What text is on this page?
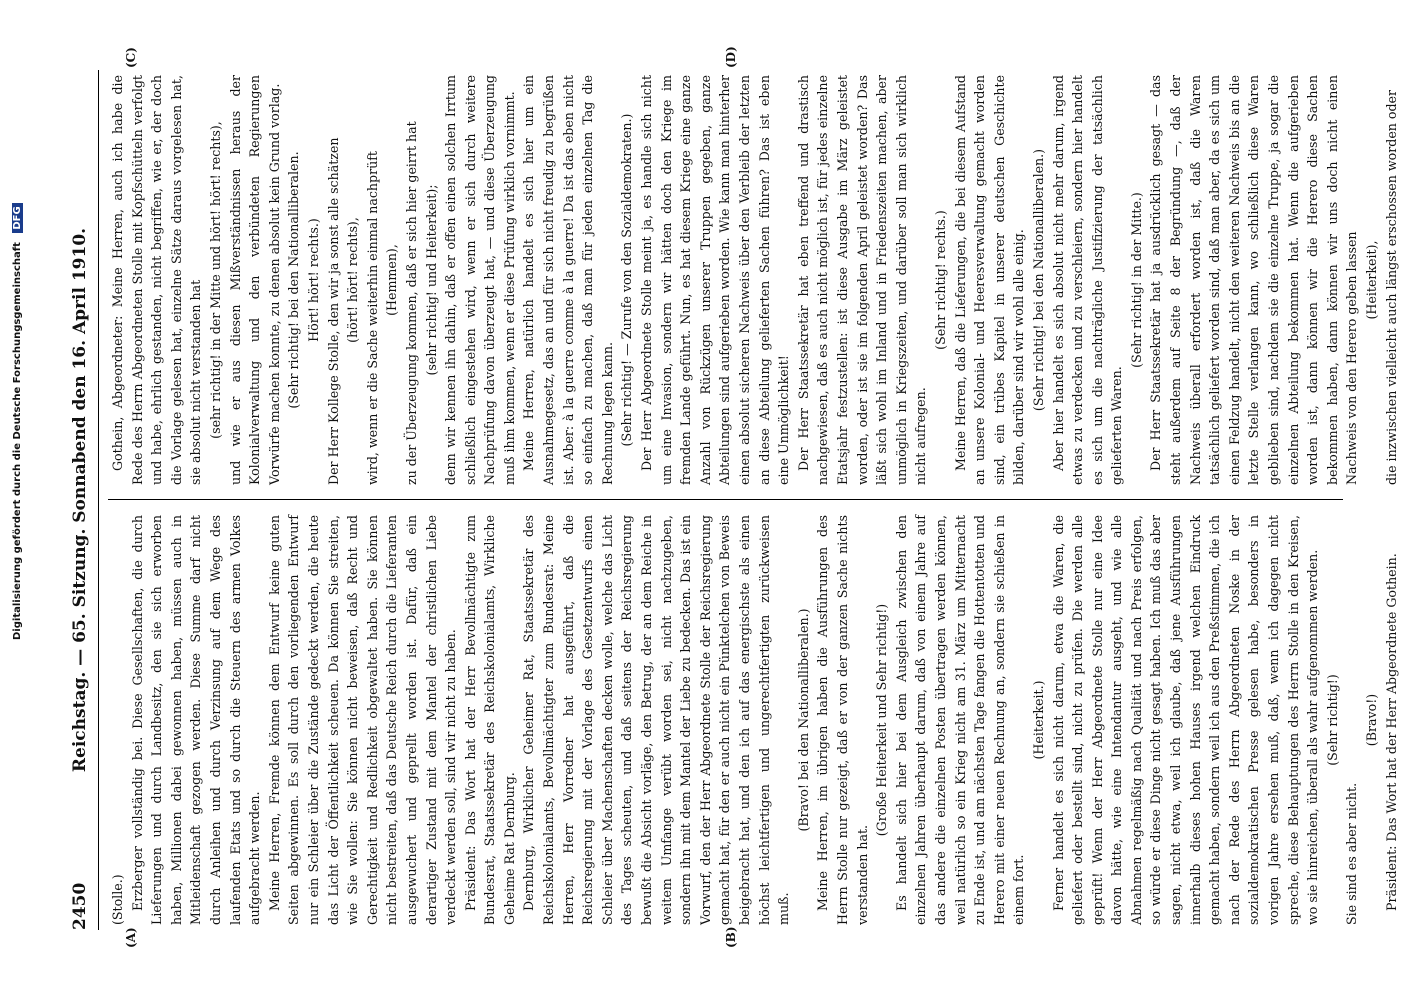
2450
Reichstag. — 65. Sitzung. Sonnabend den 16. April 1910.
(A)
(C)
(B)
(D)

(Stolle.) Erzberger vollständig bei. Diese Gesellschaften, die durch Lieferungen und durch Landbesitz, den sie sich erworben haben, Millionen dabei gewonnen haben, müssen auch in Mitleidenschaft gezogen werden. Diese Summe darf nicht durch Anleihen und durch Verzinsung auf dem Wege des laufenden Etats und so durch die Steuern des armen Volkes aufgebracht werden. Meine Herren, Fremde können dem Entwurf keine guten Seiten abgewinnen. Es soll durch den vorliegenden Entwurf nur ein Schleier über die Zustände gedeckt werden, die heute das Licht der Öffentlichkeit scheuen. Da können Sie streiten, wie Sie wollen: Sie können nicht beweisen, daß Recht und Gerechtigkeit und Redlichkeit obgewaltet haben. Sie können nicht bestreiten, daß das Deutsche Reich durch die Lieferanten ausgewuchert und geprellt worden ist. Dafür, daß ein derartiger Zustand mit dem Mantel der christlichen Liebe verdeckt werden soll, sind wir nicht zu haben. Präsident: Das Wort hat der Herr Bevollmächtigte zum Bundesrat, Staatssekretär des Reichskolonialamts, Wirkliche Geheime Rat Dernburg. Dernburg, Wirklicher Geheimer Rat, Staatssekretär des Reichskolonialamts, Bevollmächtigter zum Bundesrat: Meine Herren, Herr Vorredner hat ausgeführt, daß die Reichsregierung mit der Vorlage des Gesetzentwurfs einen Schleier über Machenschaften decken wolle, welche das Licht des Tages scheuten, und daß seitens der Reichsregierung bewußt die Absicht vorläge, den Betrug, der an dem Reiche in weitem Umfange verübt worden sei, nicht nachzugeben, sondern ihn mit dem Mantel der Liebe zu bedecken. Das ist ein Vorwurf, den der Herr Abgeordnete Stolle der Reichsregierung gemacht hat, für den er auch nicht ein Pünktelchen von Beweis beigebracht hat, und den ich auf das energischste als einen höchst leichtfertigen und ungerechtfertigten zurückweisen muß.

(Bravo! bei den Nationalliberalen.) Meine Herren, im übrigen haben die Ausführungen des Herrn Stolle nur gezeigt, daß er von der ganzen Sache nichts verstanden hat.

(Große Heiterkeit und Sehr richtig!) Es handelt sich hier bei dem Ausgleich zwischen den einzelnen Jahren überhaupt darum, daß von einem Jahre auf das andere die einzelnen Posten übertragen werden können, weil natürlich so ein Krieg nicht am 31. März um Mitternacht zu Ende ist, und am nächsten Tage fangen die Hottentotten und Herero mit einer neuen Rechnung an, sondern sie schießen in einem fort.

(Heiterkeit.) Ferner handelt es sich nicht darum, etwa die Waren, die geliefert oder bestellt sind, nicht zu prüfen. Die werden alle geprüft! Wenn der Herr Abgeordnete Stolle nur eine Idee davon hätte, wie eine Intendantur ausgeht, und wie alle Abnahmen regelmäßig nach Qualität und nach Preis erfolgen, so würde er diese Dinge nicht gesagt haben. Ich muß das aber sagen, nicht etwa, weil ich glaube, daß jene Ausführungen innerhalb dieses hohen Hauses irgend welchen Eindruck gemacht haben, sondern weil ich aus den Preßstimmen, die ich nach der Rede des Herrn Abgeordneten Noske in der sozialdemokratischen Presse gelesen habe, besonders in vorigen Jahre ersehen muß, daß, wenn ich dagegen nicht spreche, diese Behauptungen des Herrn Stolle in den Kreisen, wo sie hinreichen, überall als wahr aufgenommen werden. (Sehr richtig!)

Sie sind es aber nicht.

(Bravo!) Präsident: Das Wort hat der Herr Abgeordnete Gothein.

Gothein, Abgeordneter: Meine Herren, auch ich habe die Rede des Herrn Abgeordneten Stolle mit Kopfschütteln verfolgt und habe, ehrlich gestanden, nicht begriffen, wie er, der doch die Vorlage gelesen hat, einzelne Sätze daraus vorgelesen hat, sie absolut nicht verstanden hat (sehr richtig! in der Mitte und hört! hört! rechts), und wie er aus diesen Mißverständnissen heraus der Kolonialverwaltung und den verbündeten Regierungen Vorwürfe machen konnte, zu denen absolut kein Grund vorlag. (Sehr richtig! bei den Nationalliberalen. Hört! hört! rechts.) Der Herr Kollege Stolle, den wir ja sonst alle schätzen (hört! hört! rechts), wird, wenn er die Sache weiterhin einmal nachprüft (Hemmen), zu der Überzeugung kommen, daß er sich hier geirrt hat (sehr richtig! und Heiterkeit); denn wir kennen ihn dahin, daß er offen einen solchen Irrtum schließlich eingestehen wird, wenn er sich durch weitere Nachprüfung davon überzeugt hat, — und diese Überzeugung muß ihm kommen, wenn er diese Prüfung wirklich vornimmt. Meine Herren, natürlich handelt es sich hier um ein Ausnahmegesetz, das an und für sich nicht freudig zu begrüßen ist. Aber: à la guerre comme à la guerre! Da ist das eben nicht so einfach zu machen, daß man für jeden einzelnen Tag die Rechnung legen kann. (Sehr richtig! — Zurufe von den Sozialdemokraten.) Der Herr Abgeordnete Stolle meint ja, es handle sich nicht um eine Invasion, sondern wir hätten doch den Kriege im fremden Lande geführt. Nun, es hat diesem Kriege eine ganze Anzahl von Rückzügen unserer Truppen gegeben, ganze Abteilungen sind aufgerieben worden. Wie kann man hinterher einen absolut sicheren Nachweis über den Verbleib der letzten an diese Abteilung gelieferten Sachen führen? Das ist eben eine Unmöglichkeit! Der Herr Staatssekretär hat eben treffend und drastisch nachgewiesen, daß es auch nicht möglich ist, für jedes einzelne Etatsjahr festzustellen: ist diese Ausgabe im März geleistet worden, oder ist sie im folgenden April geleistet worden? Das läßt sich wohl im Inland und in Friedenszeiten machen, aber unmöglich in Kriegszeiten, und darüber soll man sich wirklich nicht aufregen.

(Sehr richtig! rechts.) Meine Herren, daß die Lieferungen, die bei diesem Aufstand an unsere Kolonial- und Heeresverwaltung gemacht worden sind, ein trübes Kapitel in unserer deutschen Geschichte bilden, darüber sind wir wohl alle einig. (Sehr richtig! bei den Nationalliberalen.) Aber hier handelt es sich absolut nicht mehr darum, irgend etwas zu verdecken und zu verschleiern, sondern hier handelt es sich um die nachträgliche Justifizierung der tatsächlich gelieferten Waren.

(Sehr richtig! in der Mitte.) Der Herr Staatssekretär hat ja ausdrücklich gesagt — das steht außerdem auf Seite 8 der Begründung —, daß der Nachweis überall erfordert worden ist, daß die Waren tatsächlich geliefert worden sind, daß man aber, da es sich um einen Feldzug handelt, nicht den weiteren Nachweis bis an die letzte Stelle verlangen kann, wo schließlich diese Waren geblieben sind, nachdem sie die einzelne Truppe, ja sogar die einzelnen Abteilung bekommen hat. Wenn die aufgerieben worden ist, dann können wir die Herero diese Sachen bekommen haben, dann können wir uns doch nicht einen Nachweis von den Herero geben lassen (Heiterkeit), die inzwischen vielleicht auch längst erschossen worden oder

Digitalisierung gefördert durch die Deutsche Forschungsgemeinschaft DFG
